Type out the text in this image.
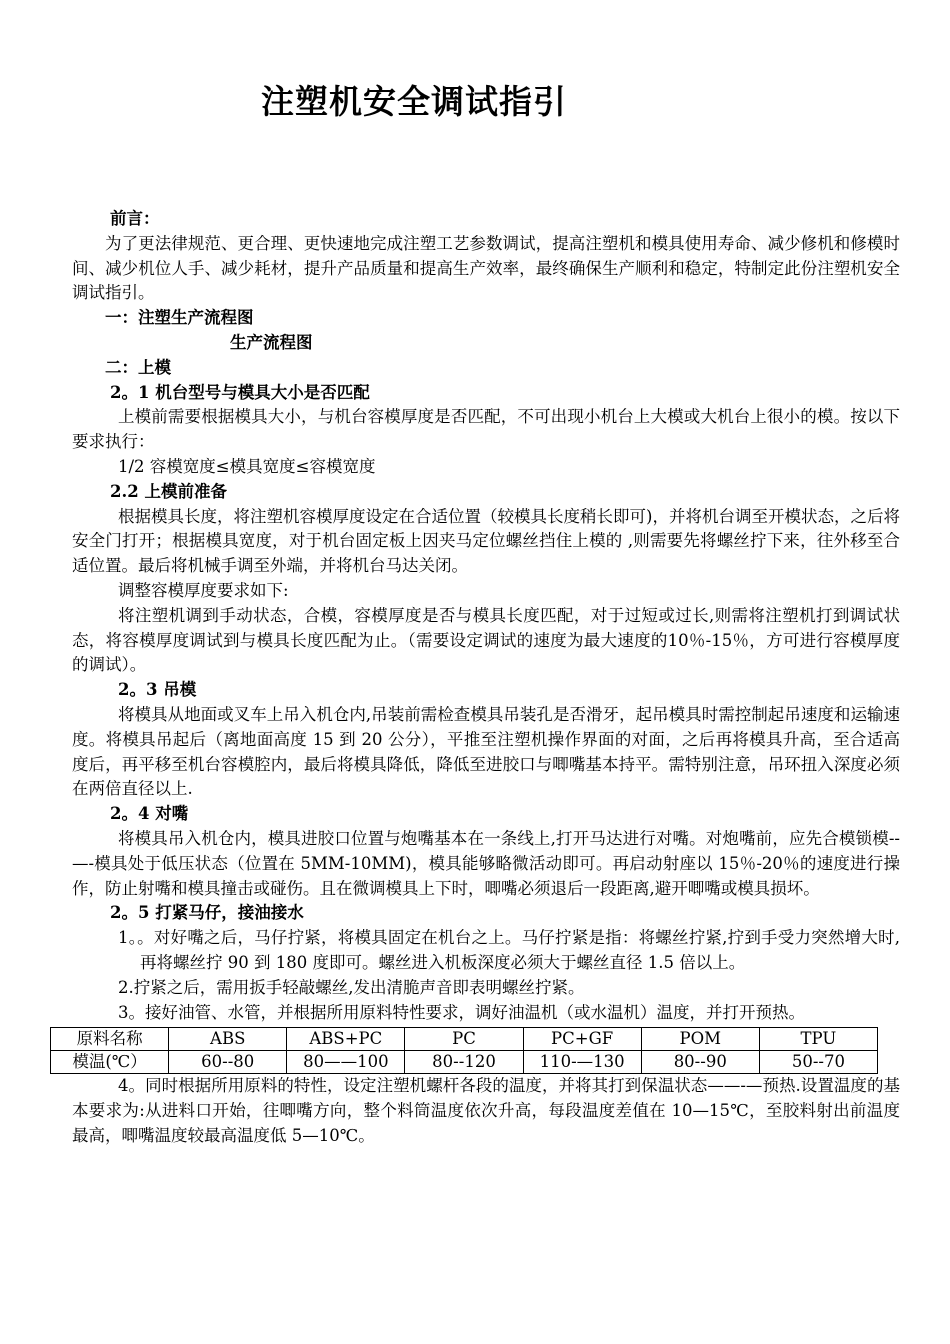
注塑机安全调试指引

前言：

为了更法律规范、更合理、更快速地完成注塑工艺参数调试，提高注塑机和模具使用寿命、减少修机和修模时间、减少机位人手、减少耗材，提升产品质量和提高生产效率，最终确保生产顺利和稳定，特制定此份注塑机安全调试指引。

一：注塑生产流程图

生产流程图

二：上模

2。1 机台型号与模具大小是否匹配

上模前需要根据模具大小，与机台容模厚度是否匹配，不可出现小机台上大模或大机台上很小的模。按以下要求执行：

1/2 容模宽度≤模具宽度≤容模宽度

2.2 上模前准备

根据模具长度，将注塑机容模厚度设定在合适位置（较模具长度稍长即可)，并将机台调至开模状态，之后将安全门打开；根据模具宽度，对于机台固定板上因夹马定位螺丝挡住上模的 ,则需要先将螺丝拧下来，往外移至合适位置。最后将机械手调至外端，并将机台马达关闭。

调整容模厚度要求如下:

将注塑机调到手动状态，合模，容模厚度是否与模具长度匹配，对于过短或过长,则需将注塑机打到调试状态，将容模厚度调试到与模具长度匹配为止。（需要设定调试的速度为最大速度的10％-15％，方可进行容模厚度的调试）。

2。3 吊模

将模具从地面或叉车上吊入机仓内,吊装前需检查模具吊装孔是否滑牙，起吊模具时需控制起吊速度和运输速度。将模具吊起后（离地面高度 15 到 20 公分），平推至注塑机操作界面的对面，之后再将模具升高，至合适高度后，再平移至机台容模腔内，最后将模具降低，降低至进胶口与唧嘴基本持平。需特别注意，吊环扭入深度必须在两倍直径以上.

2。4 对嘴

将模具吊入机仓内，模具进胶口位置与炮嘴基本在一条线上,打开马达进行对嘴。对炮嘴前，应先合模锁模--—-模具处于低压状态（位置在 5MM-10MM)，模具能够略微活动即可。再启动射座以 15％-20％的速度进行操作，防止射嘴和模具撞击或碰伤。且在微调模具上下时，唧嘴必须退后一段距离,避开唧嘴或模具损坏。

2。5 打紧马仔，接油接水

1。。对好嘴之后，马仔拧紧，将模具固定在机台之上。马仔拧紧是指：将螺丝拧紧,拧到手受力突然增大时,再将螺丝拧 90 到 180 度即可。螺丝进入机板深度必须大于螺丝直径 1.5 倍以上。

2.拧紧之后，需用扳手轻敲螺丝,发出清脆声音即表明螺丝拧紧。

3。接好油管、水管，并根据所用原料特性要求，调好油温机（或水温机）温度，并打开预热。

原料名称	ABS	ABS+PC	PC	PC+GF	POM	TPU
模温(℃）	60--80	80——100	80--120	110-—130	80--90	50--70

4。同时根据所用原料的特性，设定注塑机螺杆各段的温度，并将其打到保温状态——-—预热.设置温度的基本要求为:从进料口开始，往唧嘴方向，整个料筒温度依次升高，每段温度差值在 10—15℃，至胶料射出前温度最高，唧嘴温度较最高温度低 5—10℃。
